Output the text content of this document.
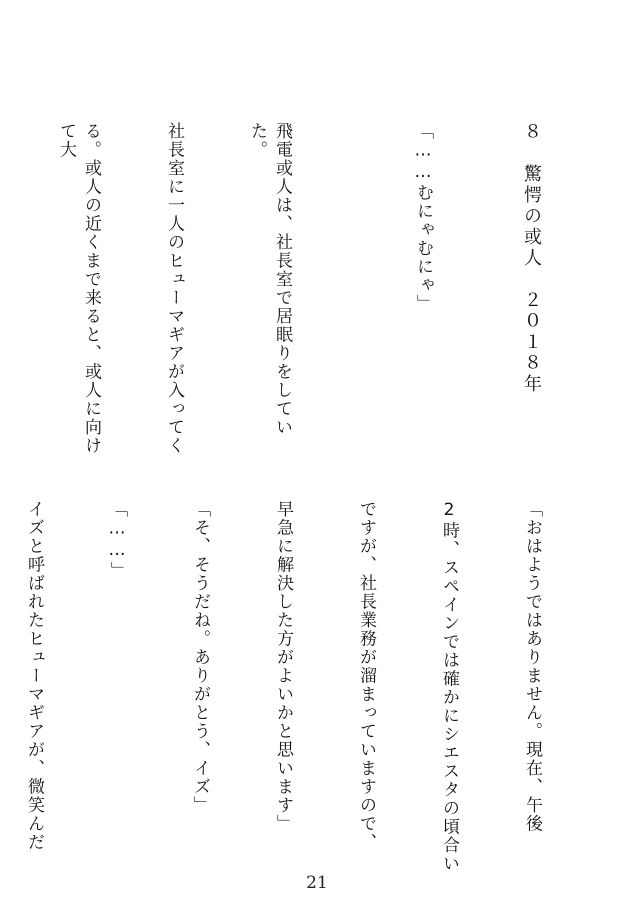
８　驚愕の或人　２０１８年

「……むにゃむにゃ」

飛電或人は、社長室で居眠りをしていた。

社長室に一人のヒューマギアが入ってく

る。或人の近くまで来ると、或人に向けて大

「おはようではありません。現在、午後

2時、スペインでは確かにシエスタの頃合い

ですが、社長業務が溜まっていますので、

早急に解決した方がよいかと思います」

「そ、そうだね。ありがとう、イズ」

「……」

イズと呼ばれたヒューマギアが、微笑んだ

21
